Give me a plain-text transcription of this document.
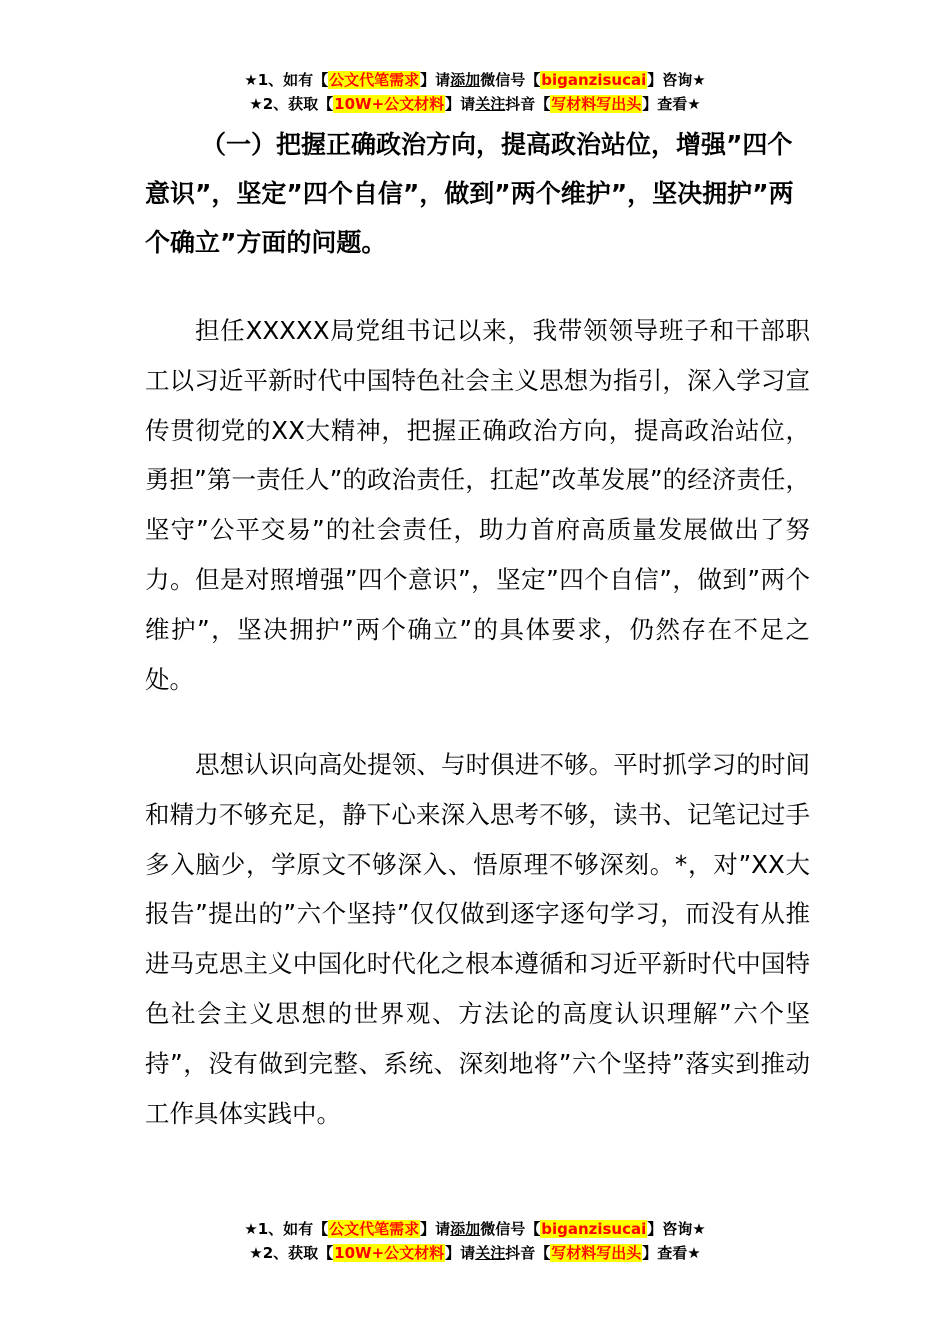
★1、如有【公文代笔需求】请添加微信号【biganzisucai】咨询★
★2、获取【10W+公文材料】请关注抖音【写材料写出头】查看★

（一）把握正确政治方向，提高政治站位，增强”四个意识”，坚定”四个自信”，做到”两个维护”，坚决拥护”两个确立”方面的问题。

担任XXXXX局党组书记以来，我带领领导班子和干部职工以习近平新时代中国特色社会主义思想为指引，深入学习宣传贯彻党的XX大精神，把握正确政治方向，提高政治站位，勇担”第一责任人”的政治责任，扛起”改革发展”的经济责任，坚守”公平交易”的社会责任，助力首府高质量发展做出了努力。但是对照增强”四个意识”，坚定”四个自信”，做到”两个维护”，坚决拥护”两个确立”的具体要求，仍然存在不足之处。

思想认识向高处提领、与时俱进不够。平时抓学习的时间和精力不够充足，静下心来深入思考不够，读书、记笔记过手多入脑少，学原文不够深入、悟原理不够深刻。*，对”XX大报告”提出的”六个坚持”仅仅做到逐字逐句学习，而没有从推进马克思主义中国化时代化之根本遵循和习近平新时代中国特色社会主义思想的世界观、方法论的高度认识理解”六个坚持”，没有做到完整、系统、深刻地将”六个坚持”落实到推动工作具体实践中。

★1、如有【公文代笔需求】请添加微信号【biganzisucai】咨询★
★2、获取【10W+公文材料】请关注抖音【写材料写出头】查看★
